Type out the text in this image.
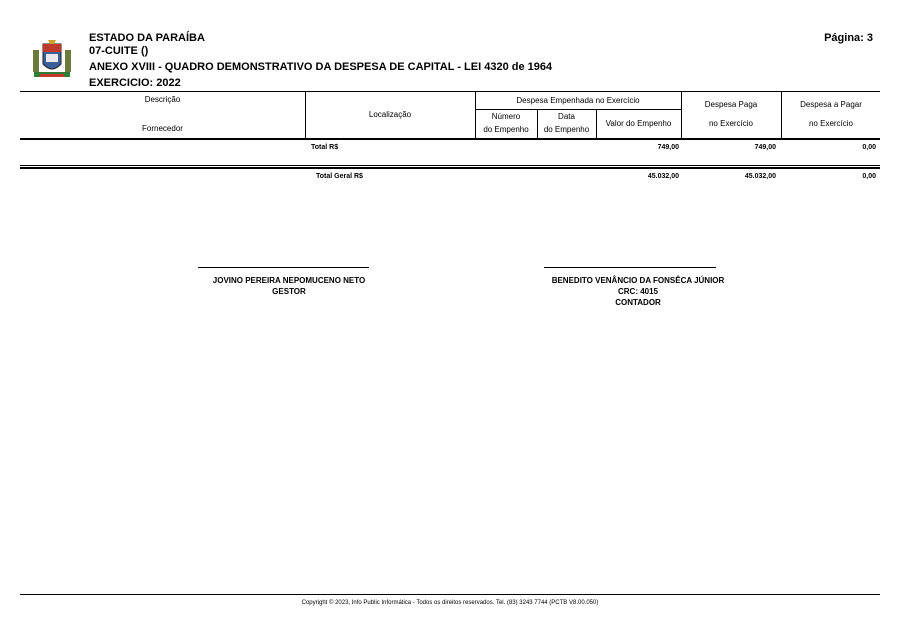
ESTADO DA PARAÍBA
07-CUITE ()
ANEXO XVIII - QUADRO DEMONSTRATIVO DA DESPESA DE CAPITAL - LEI 4320 de 1964
EXERCICIO: 2022
Página: 3
Descrição
Fornecedor
Localização
Despesa Empenhada no Exercício
Número
do Empenho
Data
do Empenho
Valor do Empenho
Despesa Paga
no Exercício
Despesa a Pagar
no Exercício
Total R$	749,00	749,00	0,00
Total Geral R$	45.032,00	45.032,00	0,00
JOVINO PEREIRA NEPOMUCENO NETO
GESTOR
BENEDITO VENÂNCIO DA FONSÊCA JÚNIOR
CRC: 4015
CONTADOR
Copyright © 2023, Info Public Informática - Todos os direitos reservados. Tel. (83) 3243 7744 (PCTB V8.00.050)
